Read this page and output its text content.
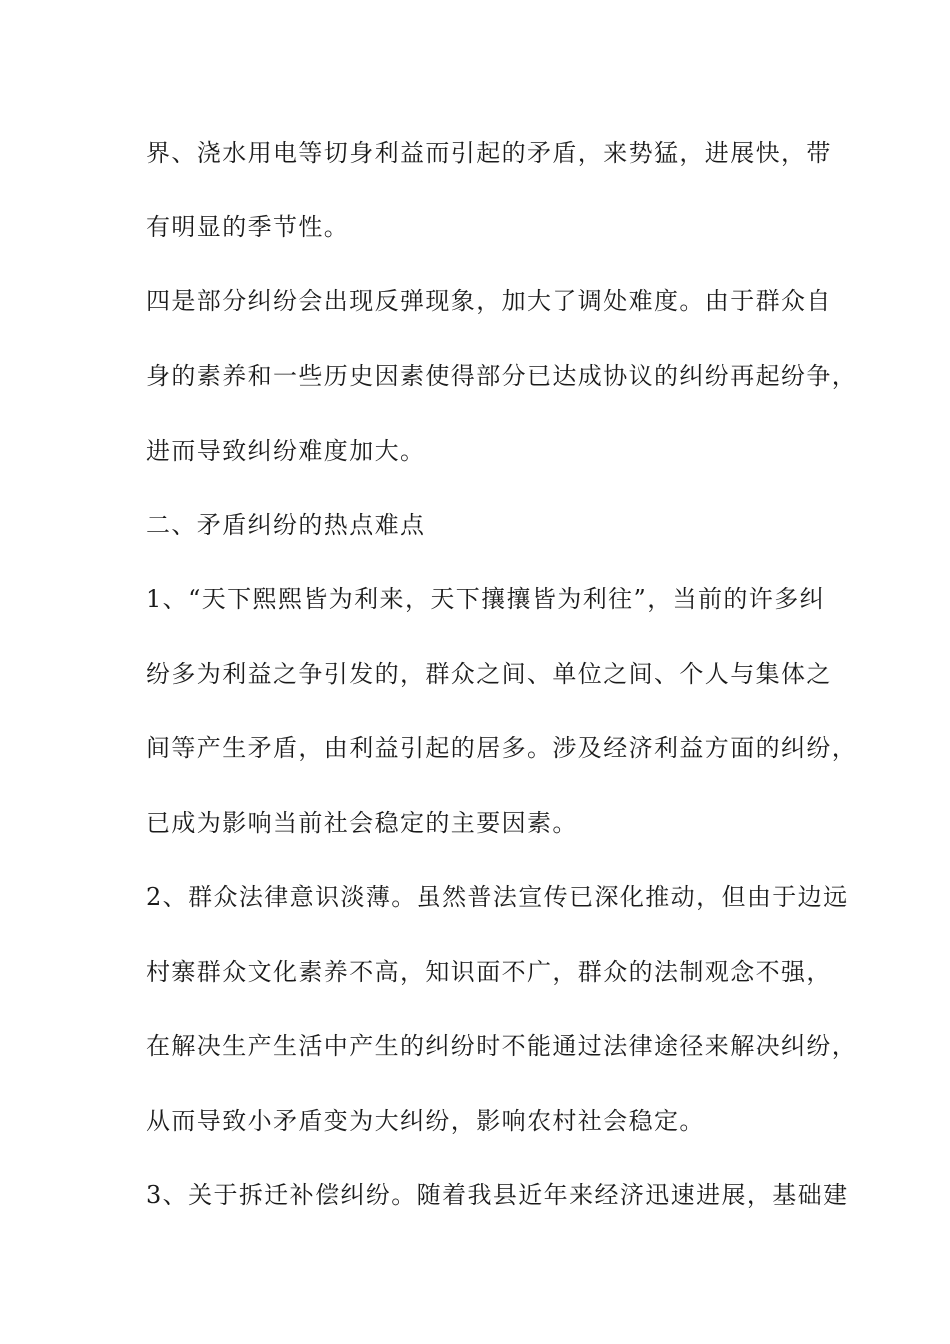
界、浇水用电等切身利益而引起的矛盾，来势猛，进展快，带
有明显的季节性。
四是部分纠纷会出现反弹现象，加大了调处难度。由于群众自
身的素养和一些历史因素使得部分已达成协议的纠纷再起纷争，
进而导致纠纷难度加大。
二、矛盾纠纷的热点难点
1、“天下熙熙皆为利来，天下攘攘皆为利往”，当前的许多纠
纷多为利益之争引发的，群众之间、单位之间、个人与集体之
间等产生矛盾，由利益引起的居多。涉及经济利益方面的纠纷，
已成为影响当前社会稳定的主要因素。
2、群众法律意识淡薄。虽然普法宣传已深化推动，但由于边远
村寨群众文化素养不高，知识面不广，群众的法制观念不强，
在解决生产生活中产生的纠纷时不能通过法律途径来解决纠纷，
从而导致小矛盾变为大纠纷，影响农村社会稳定。
3、关于拆迁补偿纠纷。随着我县近年来经济迅速进展，基础建
